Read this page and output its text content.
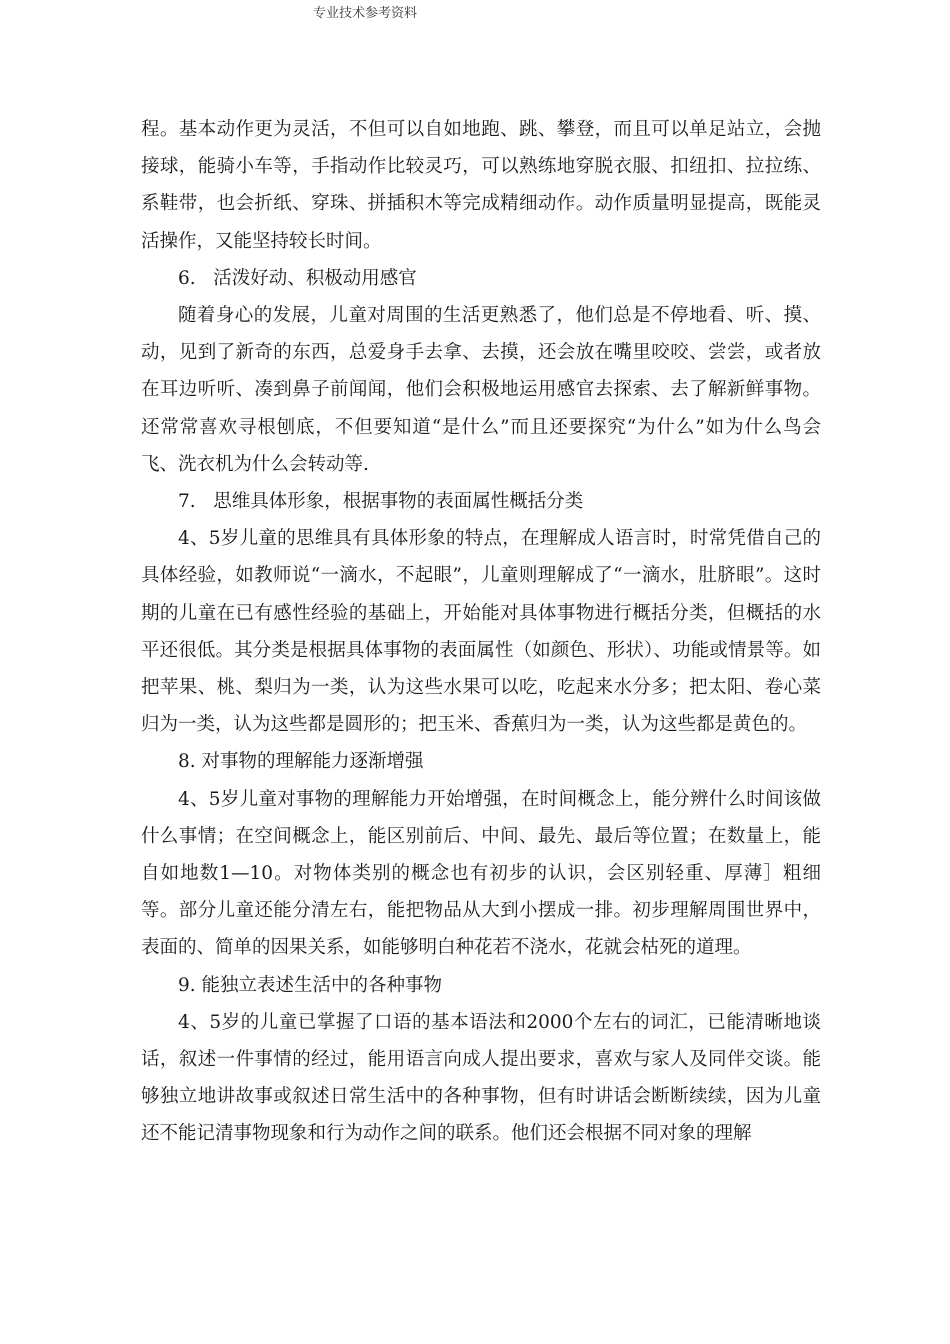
专业技术参考资料

程。基本动作更为灵活，不但可以自如地跑、跳、攀登，而且可以单足站立，会抛接球，能骑小车等，手指动作比较灵巧，可以熟练地穿脱衣服、扣纽扣、拉拉练、系鞋带，也会折纸、穿珠、拼插积木等完成精细动作。动作质量明显提高，既能灵活操作，又能坚持较长时间。

6.   活泼好动、积极动用感官

随着身心的发展，儿童对周围的生活更熟悉了，他们总是不停地看、听、摸、动，见到了新奇的东西，总爱身手去拿、去摸，还会放在嘴里咬咬、尝尝，或者放在耳边听听、凑到鼻子前闻闻，他们会积极地运用感官去探索、去了解新鲜事物。还常常喜欢寻根刨底，不但要知道“是什么”而且还要探究“为什么”如为什么鸟会飞、洗衣机为什么会转动等.

7.   思维具体形象，根据事物的表面属性概括分类

4、5岁儿童的思维具有具体形象的特点，在理解成人语言时，时常凭借自己的具体经验，如教师说“一滴水，不起眼”，儿童则理解成了“一滴水，肚脐眼”。这时期的儿童在已有感性经验的基础上，开始能对具体事物进行概括分类，但概括的水平还很低。其分类是根据具体事物的表面属性（如颜色、形状）、功能或情景等。如把苹果、桃、梨归为一类，认为这些水果可以吃，吃起来水分多；把太阳、卷心菜归为一类，认为这些都是圆形的；把玉米、香蕉归为一类，认为这些都是黄色的。

8. 对事物的理解能力逐渐增强

4、5岁儿童对事物的理解能力开始增强，在时间概念上，能分辨什么时间该做什么事情；在空间概念上，能区别前后、中间、最先、最后等位置；在数量上，能自如地数1—10。对物体类别的概念也有初步的认识，会区别轻重、厚薄］粗细等。部分儿童还能分清左右，能把物品从大到小摆成一排。初步理解周围世界中，表面的、简单的因果关系，如能够明白种花若不浇水，花就会枯死的道理。

9. 能独立表述生活中的各种事物

4、5岁的儿童已掌握了口语的基本语法和2000个左右的词汇，已能清晰地谈话，叙述一件事情的经过，能用语言向成人提出要求，喜欢与家人及同伴交谈。能够独立地讲故事或叙述日常生活中的各种事物，但有时讲话会断断续续，因为儿童还不能记清事物现象和行为动作之间的联系。他们还会根据不同对象的理解
